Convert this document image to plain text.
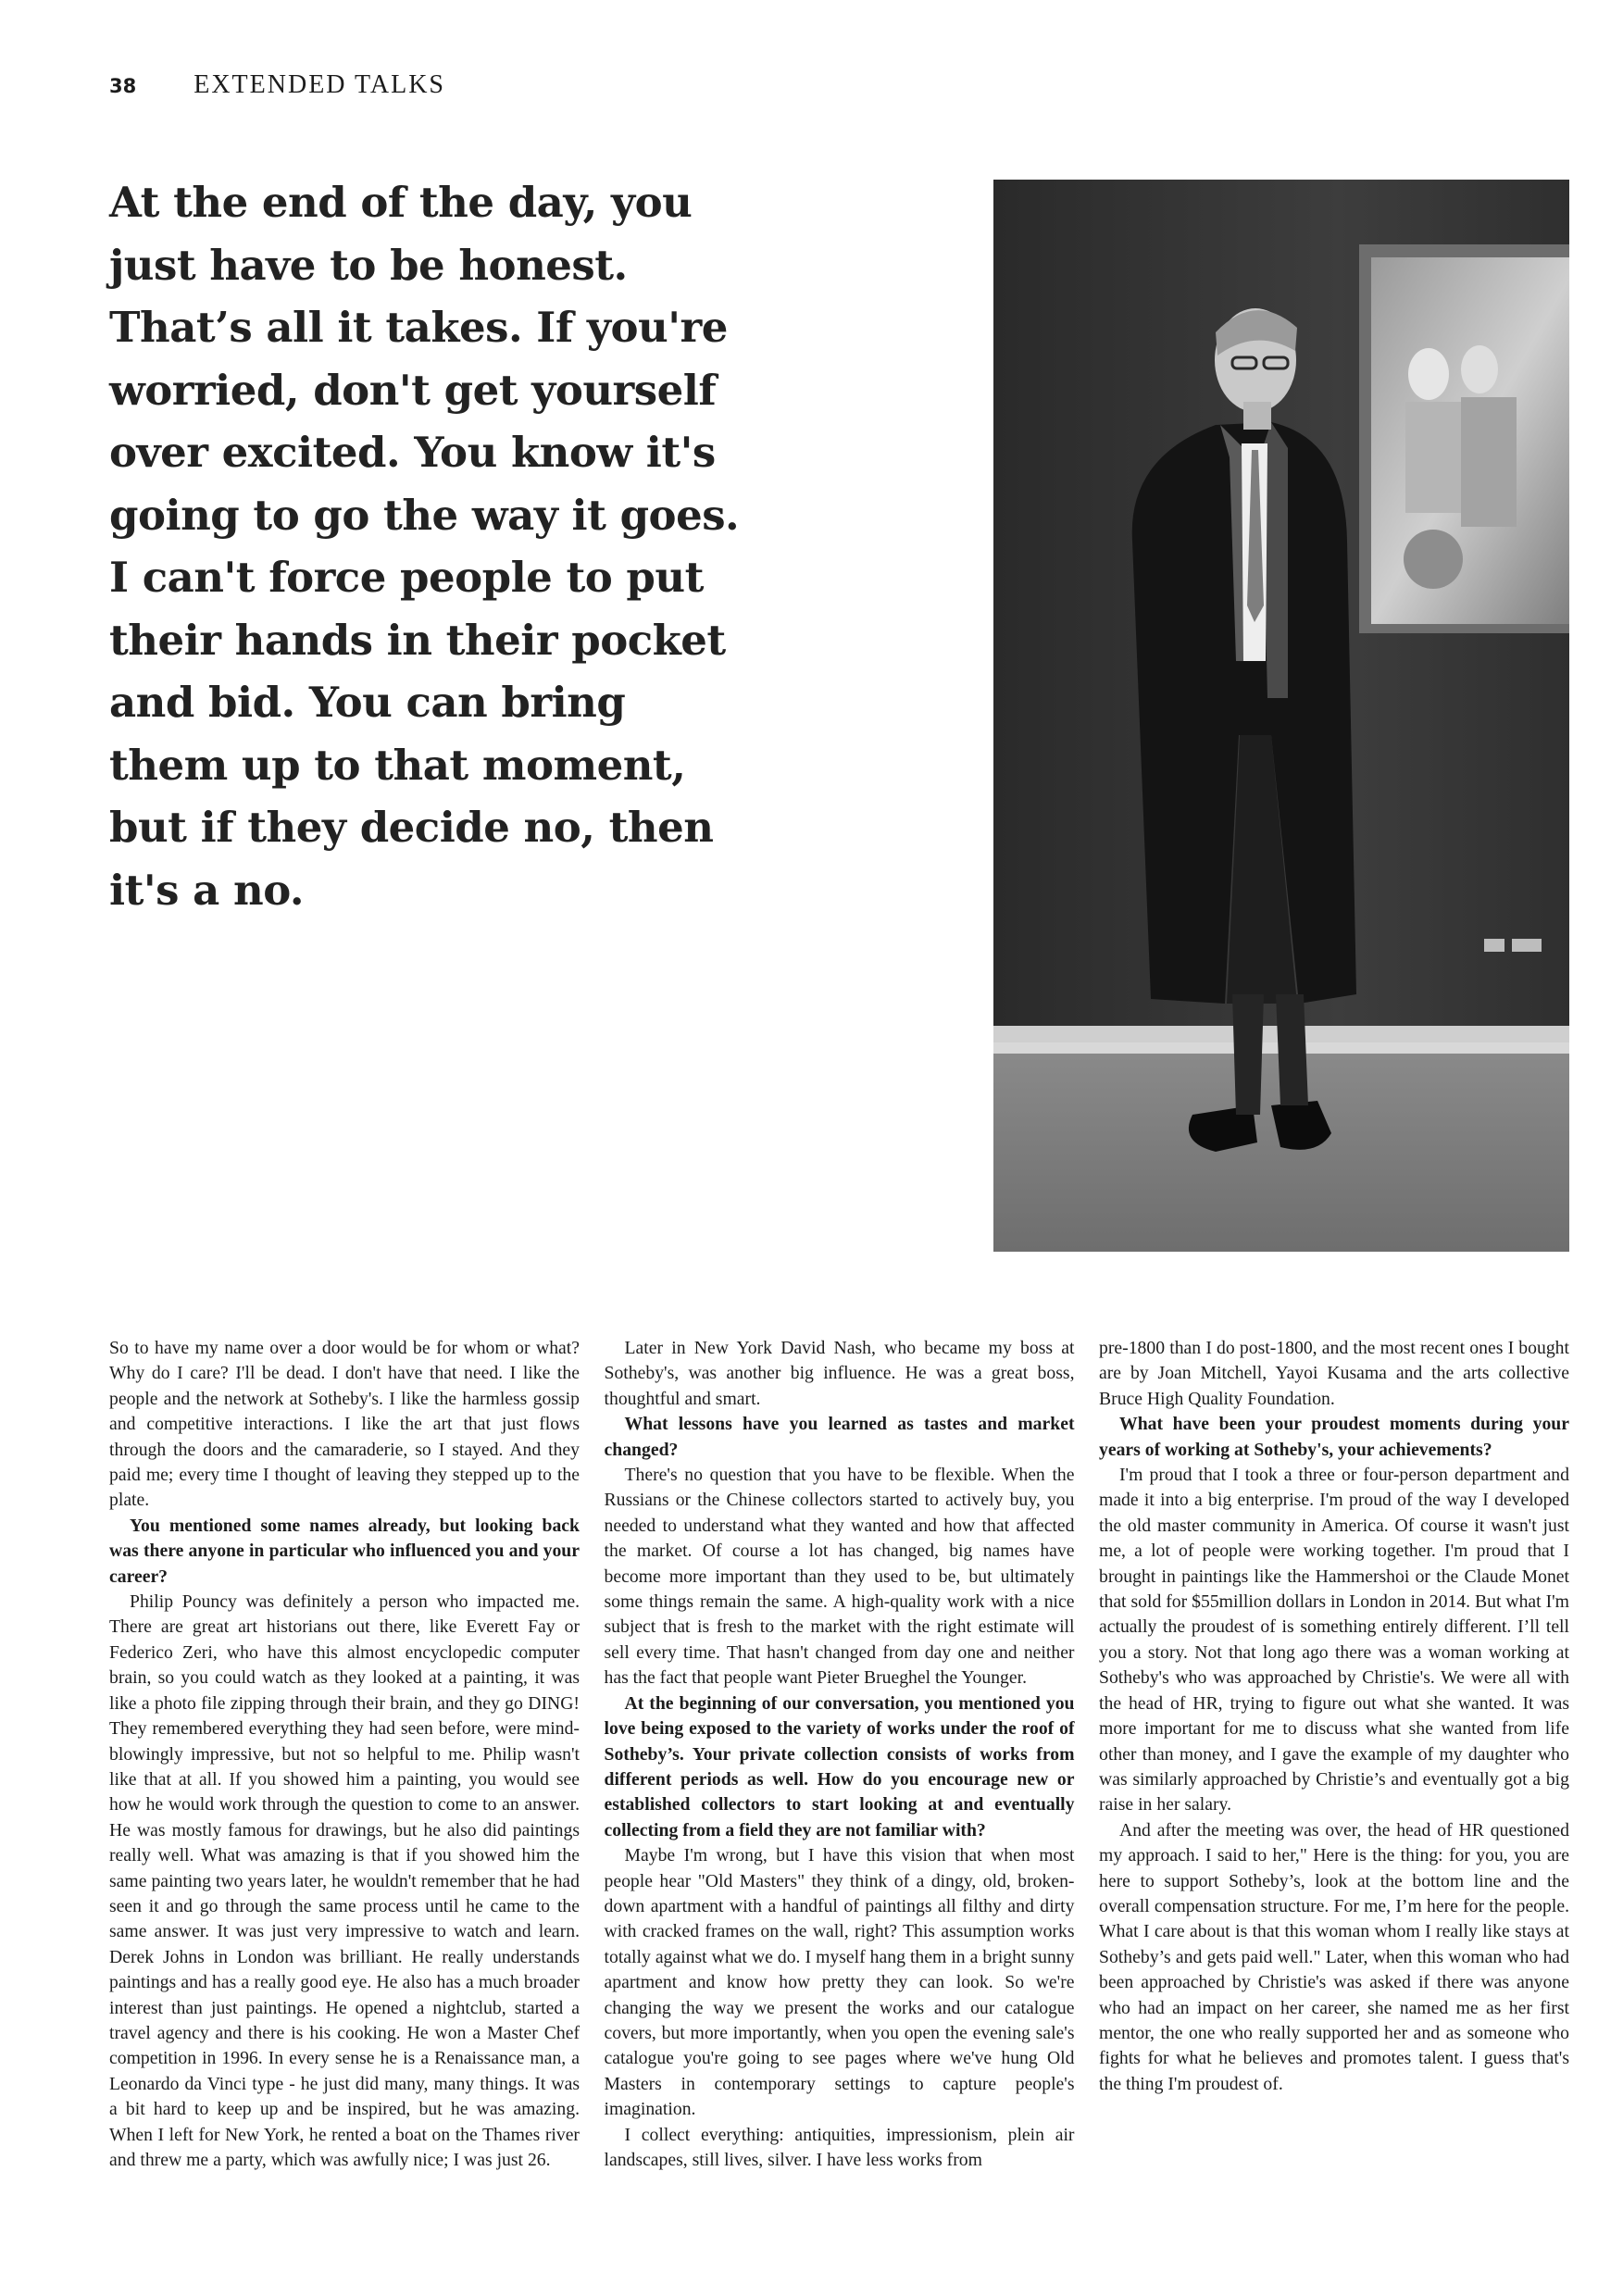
38 EXTENDED TALKS
At the end of the day, you just have to be honest. That’s all it takes. If you're worried, don't get yourself over excited. You know it's going to go the way it goes. I can't force people to put their hands in their pocket and bid. You can bring them up to that moment, but if they decide no, then it's a no.

So to have my name over a door would be for whom or what? Why do I care? I'll be dead. I don't have that need. I like the people and the network at Sotheby's. I like the harmless gossip and competitive interactions. I like the art that just flows through the doors and the camaraderie, so I stayed. And they paid me; every time I thought of leaving they stepped up to the plate.

You mentioned some names already, but looking back was there anyone in particular who influenced you and your career?

Philip Pouncy was definitely a person who impacted me. There are great art historians out there, like Everett Fay or Federico Zeri, who have this almost encyclopedic computer brain, so you could watch as they looked at a painting, it was like a photo file zipping through their brain, and they go DING! They remembered everything they had seen before, were mind-blowingly impressive, but not so helpful to me. Philip wasn't like that at all. If you showed him a painting, you would see how he would work through the question to come to an answer. He was mostly famous for drawings, but he also did paintings really well. What was amazing is that if you showed him the same painting two years later, he wouldn't remember that he had seen it and go through the same process until he came to the same answer. It was just very impressive to watch and learn. Derek Johns in London was brilliant. He really understands paintings and has a really good eye. He also has a much broader interest than just paintings. He opened a nightclub, started a travel agency and there is his cooking. He won a Master Chef competition in 1996. In every sense he is a Renaissance man, a Leonardo da Vinci type - he just did many, many things. It was a bit hard to keep up and be inspired, but he was amazing. When I left for New York, he rented a boat on the Thames river and threw me a party, which was awfully nice; I was just 26.

Later in New York David Nash, who became my boss at Sotheby's, was another big influence. He was a great boss, thoughtful and smart.

What lessons have you learned as tastes and market changed?

There's no question that you have to be flexible. When the Russians or the Chinese collectors started to actively buy, you needed to understand what they wanted and how that affected the market. Of course a lot has changed, big names have become more important than they used to be, but ultimately some things remain the same. A high-quality work with a nice subject that is fresh to the market with the right estimate will sell every time. That hasn't changed from day one and neither has the fact that people want Pieter Brueghel the Younger.

At the beginning of our conversation, you mentioned you love being exposed to the variety of works under the roof of Sotheby’s. Your private collection consists of works from different periods as well. How do you encourage new or established collectors to start looking at and eventually collecting from a field they are not familiar with?

Maybe I'm wrong, but I have this vision that when most people hear "Old Masters" they think of a dingy, old, broken-down apartment with a handful of paintings all filthy and dirty with cracked frames on the wall, right? This assumption works totally against what we do. I myself hang them in a bright sunny apartment and know how pretty they can look. So we're changing the way we present the works and our catalogue covers, but more importantly, when you open the evening sale's catalogue you're going to see pages where we've hung Old Masters in contemporary settings to capture people's imagination.

I collect everything: antiquities, impressionism, plein air landscapes, still lives, silver. I have less works from

pre-1800 than I do post-1800, and the most recent ones I bought are by Joan Mitchell, Yayoi Kusama and the arts collective Bruce High Quality Foundation.

What have been your proudest moments during your years of working at Sotheby's, your achievements?

I'm proud that I took a three or four-person department and made it into a big enterprise. I'm proud of the way I developed the old master community in America. Of course it wasn't just me, a lot of people were working together. I'm proud that I brought in paintings like the Hammershoi or the Claude Monet that sold for $55million dollars in London in 2014. But what I'm actually the proudest of is something entirely different. I’ll tell you a story. Not that long ago there was a woman working at Sotheby's who was approached by Christie's. We were all with the head of HR, trying to figure out what she wanted. It was more important for me to discuss what she wanted from life other than money, and I gave the example of my daughter who was similarly approached by Christie’s and eventually got a big raise in her salary.

And after the meeting was over, the head of HR questioned my approach. I said to her," Here is the thing: for you, you are here to support Sotheby’s, look at the bottom line and the overall compensation structure. For me, I’m here for the people. What I care about is that this woman whom I really like stays at Sotheby’s and gets paid well." Later, when this woman who had been approached by Christie's was asked if there was anyone who had an impact on her career, she named me as her first mentor, the one who really supported her and as someone who fights for what he believes and promotes talent. I guess that's the thing I'm proudest of.
